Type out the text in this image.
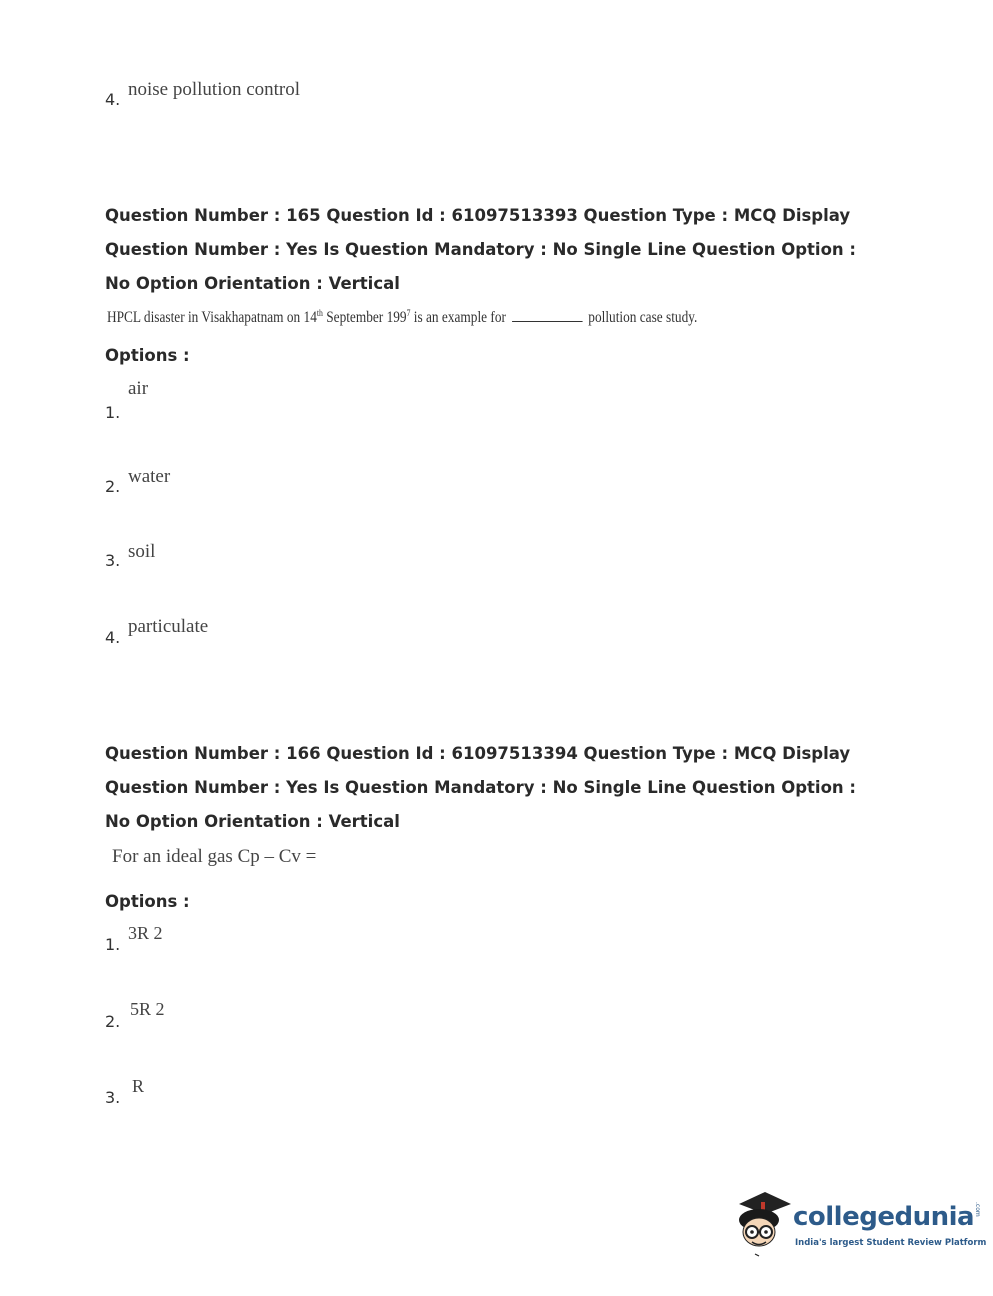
4. noise pollution control
Question Number : 165 Question Id : 61097513393 Question Type : MCQ Display Question Number : Yes Is Question Mandatory : No Single Line Question Option : No Option Orientation : Vertical
HPCL disaster in Visakhapatnam on 14th September $199^7$ is an example for	pollution case study.
Options :
1.
air
2. water
3. soil
4.
particulate
Question Number : 166 Question Id : 61097513394 Question Type : MCQ Display Question Number : Yes Is Question Mandatory : No Single Line Question Option : No Option Orientation : Vertical
For an ideal gas Cp – Cv =
Options :
1.
3R 2
2.
5R 2
3.
R
collegedunia.com
India's largest Student Review Platform
